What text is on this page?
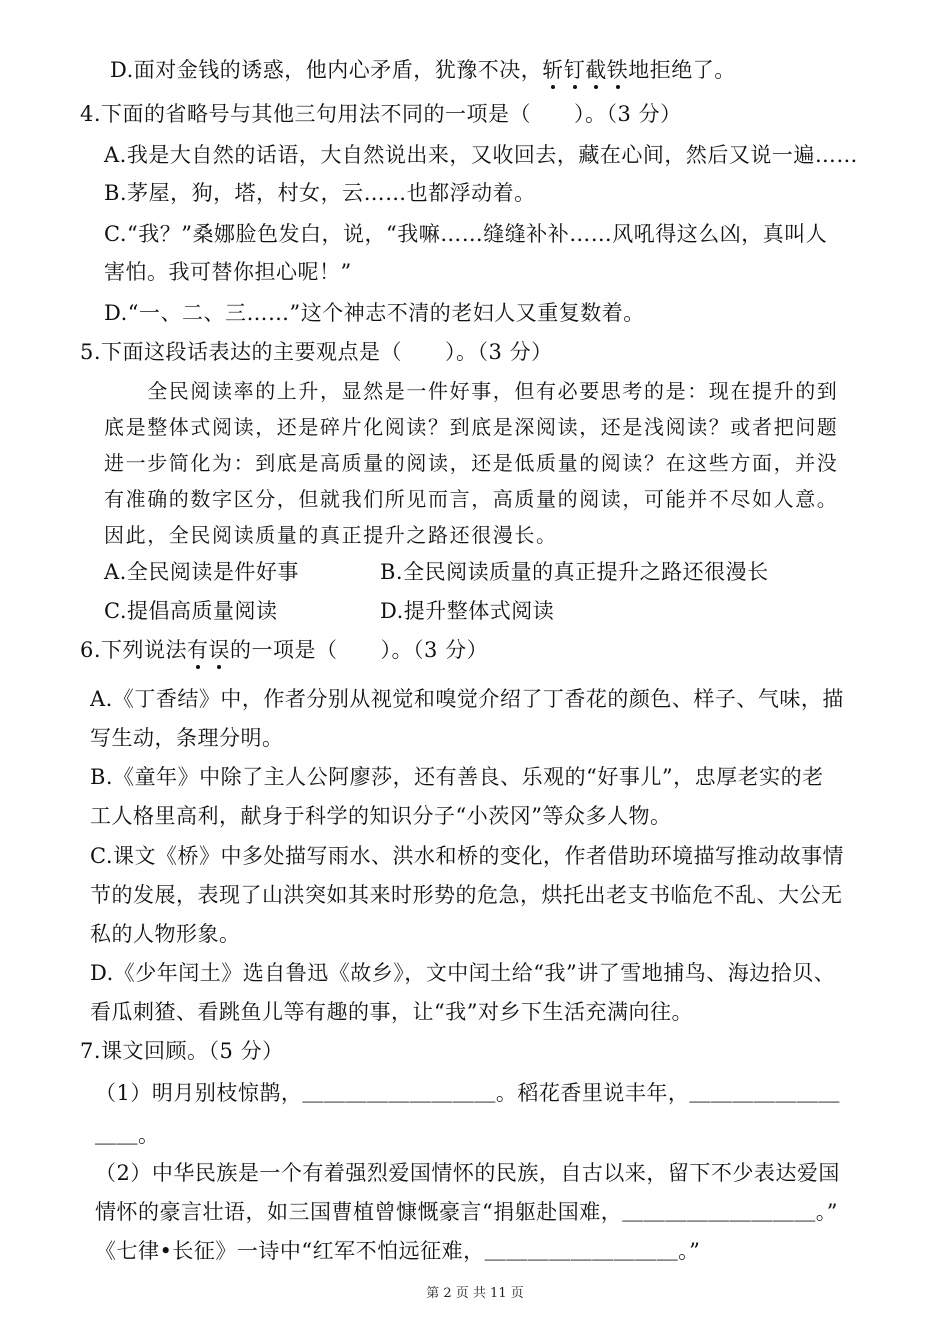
D.面对金钱的诱惑，他内心矛盾，犹豫不决，斩钉截铁地拒绝了。
4.下面的省略号与其他三句用法不同的一项是（　　）。（3 分）
A.我是大自然的话语，大自然说出来，又收回去，藏在心间，然后又说一遍……
B.茅屋，狗，塔，村女，云……也都浮动着。
C.“我？”桑娜脸色发白，说，“我嘛……缝缝补补……风吼得这么凶，真叫人
害怕。我可替你担心呢！”
D.“一、二、三……”这个神志不清的老妇人又重复数着。
5.下面这段话表达的主要观点是（　　）。（3 分）
　　全民阅读率的上升，显然是一件好事，但有必要思考的是：现在提升的到
底是整体式阅读，还是碎片化阅读？到底是深阅读，还是浅阅读？或者把问题
进一步简化为：到底是高质量的阅读，还是低质量的阅读？在这些方面，并没
有准确的数字区分，但就我们所见而言，高质量的阅读，可能并不尽如人意。
因此，全民阅读质量的真正提升之路还很漫长。
A.全民阅读是件好事	B.全民阅读质量的真正提升之路还很漫长
C.提倡高质量阅读	D.提升整体式阅读
6.下列说法有误的一项是（　　）。（3 分）
A.《丁香结》中，作者分别从视觉和嗅觉介绍了丁香花的颜色、样子、气味，描
写生动，条理分明。
B.《童年》中除了主人公阿廖莎，还有善良、乐观的“好事儿”，忠厚老实的老
工人格里高利，献身于科学的知识分子“小茨冈”等众多人物。
C.课文《桥》中多处描写雨水、洪水和桥的变化，作者借助环境描写推动故事情
节的发展，表现了山洪突如其来时形势的危急，烘托出老支书临危不乱、大公无
私的人物形象。
D.《少年闰土》选自鲁迅《故乡》，文中闰土给“我”讲了雪地捕鸟、海边拾贝、
看瓜刺猹、看跳鱼儿等有趣的事，让“我”对乡下生活充满向往。
7.课文回顾。（5 分）
（1）明月别枝惊鹊，＿＿＿＿＿＿＿＿＿。稻花香里说丰年，＿＿＿＿＿＿＿
＿＿。
（2）中华民族是一个有着强烈爱国情怀的民族，自古以来，留下不少表达爱国
情怀的豪言壮语，如三国曹植曾慷慨豪言“捐躯赴国难，＿＿＿＿＿＿＿＿＿。”
《七律•长征》一诗中“红军不怕远征难，＿＿＿＿＿＿＿＿＿。”
第 2 页 共 11 页
